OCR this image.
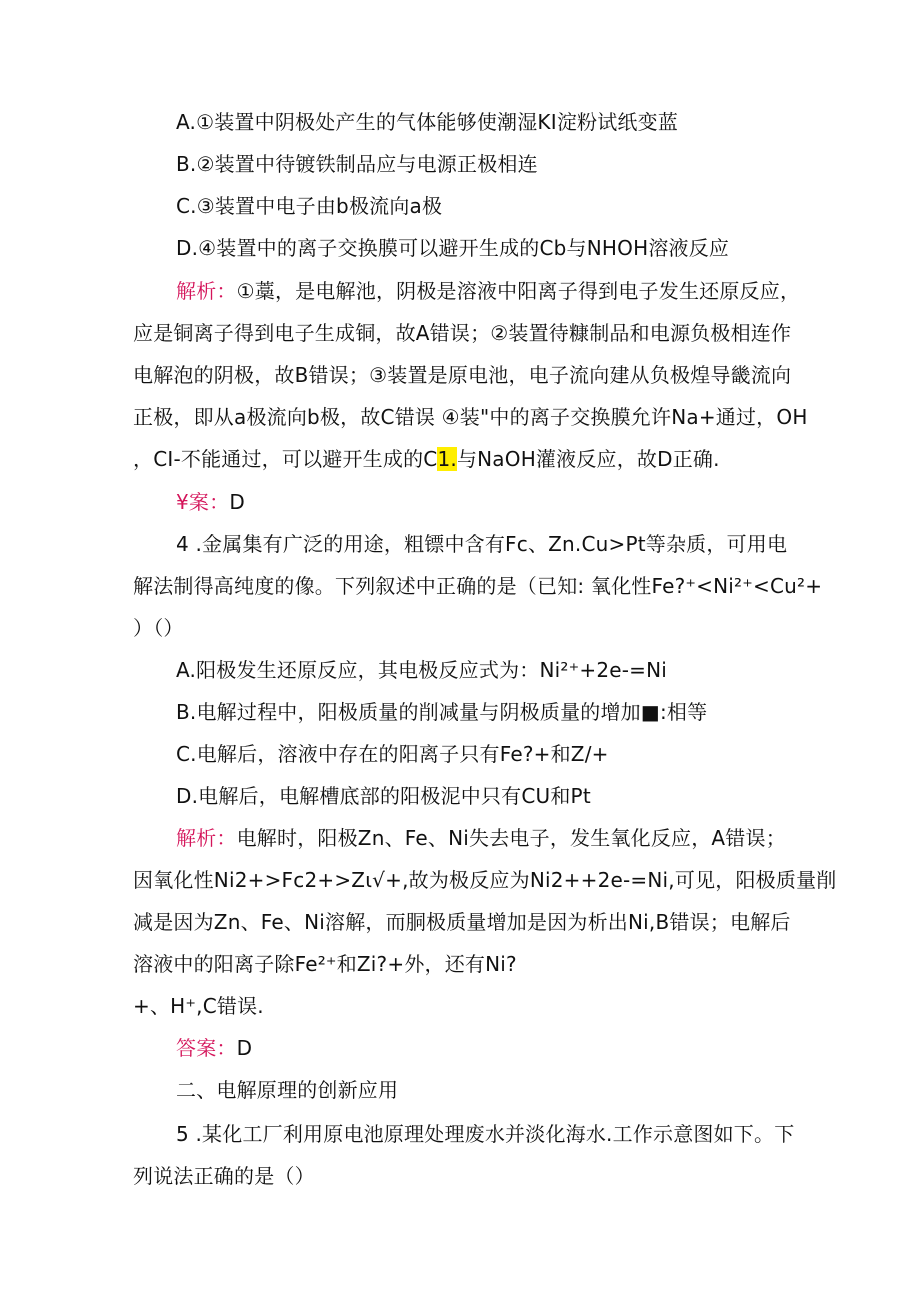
A.①装置中阴极处产生的气体能够使潮湿KI淀粉试纸变蓝
B.②装置中待镀铁制品应与电源正极相连
C.③装置中电子由b极流向a极
D.④装置中的离子交换膜可以避开生成的Cb与NHOH溶液反应
解析：①藁，是电解池，阴极是溶液中阳离子得到电子发生还原反应，
应是铜离子得到电子生成铜，故A错误；②装置待糠制品和电源负极相连作
电解泡的阴极，故B错误；③装置是原电池，电子流向建从负极煌导畿流向
正极，即从a极流向b极，故C错误 ④装"中的离子交换膜允许Na+通过，OH
，CI-不能通过，可以避开生成的C1.与NaOH灌液反应，故D正确.
¥案：D
4 .金属集有广泛的用途，粗镖中含有Fc、Zn.Cu>Pt等杂质，可用电
解法制得高纯度的像。下列叙述中正确的是（已知: 氧化性Fe?⁺<Ni²⁺<Cu²+
）（）
A.阳极发生还原反应，其电极反应式为：Ni²⁺+2e-=Ni
B.电解过程中，阳极质量的削减量与阴极质量的增加■:相等
C.电解后，溶液中存在的阳离子只有Fe?+和Z/+
D.电解后，电解槽底部的阳极泥中只有CU和Pt
解析：电解时，阳极Zn、Fe、Ni失去电子，发生氧化反应，A错误；
因氧化性Ni2+>Fc2+>Zι√+,故为极反应为Ni2++2e-=Ni,可见，阳极质量削
减是因为Zn、Fe、Ni溶解，而胴极质量增加是因为析出Ni,B错误；电解后
溶液中的阳离子除Fe²⁺和Zi?+外，还有Ni?
+、H⁺,C错误.
答案：D
二、电解原理的创新应用
5 .某化工厂利用原电池原理处理废水并淡化海水.工作示意图如下。下
列说法正确的是（）
